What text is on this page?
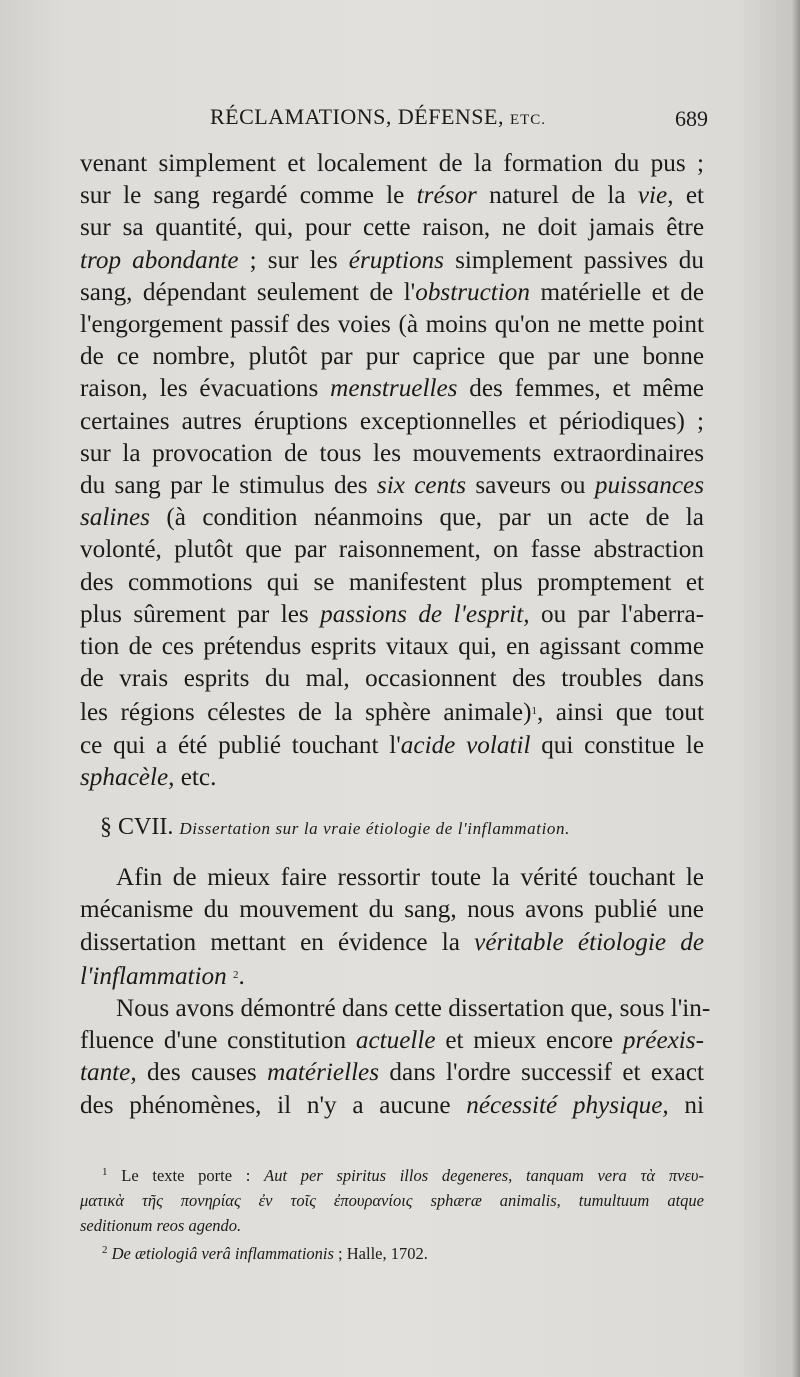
RÉCLAMATIONS, DÉFENSE, ETC.	689
venant simplement et localement de la formation du pus ;
sur le sang regardé comme le trésor naturel de la vie, et
sur sa quantité, qui, pour cette raison, ne doit jamais être
trop abondante ; sur les éruptions simplement passives du
sang, dépendant seulement de l'obstruction matérielle et de
l'engorgement passif des voies (à moins qu'on ne mette point
de ce nombre, plutôt par pur caprice que par une bonne
raison, les évacuations menstruelles des femmes, et même
certaines autres éruptions exceptionnelles et périodiques) ;
sur la provocation de tous les mouvements extraordinaires
du sang par le stimulus des six cents saveurs ou puissances
salines (à condition néanmoins que, par un acte de la
volonté, plutôt que par raisonnement, on fasse abstraction
des commotions qui se manifestent plus promptement et
plus sûrement par les passions de l'esprit, ou par l'aberra-
tion de ces prétendus esprits vitaux qui, en agissant comme
de vrais esprits du mal, occasionnent des troubles dans
les régions célestes de la sphère animale)$^1$, ainsi que tout
ce qui a été publié touchant l'acide volatil qui constitue le
sphacèle, etc.
§ CVII. Dissertation sur la vraie étiologie de l'inflammation.
Afin de mieux faire ressortir toute la vérité touchant le
mécanisme du mouvement du sang, nous avons publié une
dissertation mettant en évidence la véritable étiologie de
l'inflammation $^2$.
Nous avons démontré dans cette dissertation que, sous l'in-
fluence d'une constitution actuelle et mieux encore préexis-
tante, des causes matérielles dans l'ordre successif et exact
des phénomènes, il n'y a aucune nécessité physique, ni
$^1$ Le texte porte : Aut per spiritus illos degeneres, tanquam vera τὰ πνευ-
ματικὰ τῆς πονηρίας ἐν τοῖς ἐπουρανίοις sphæræ animalis, tumultuum atque
seditionum reos agendo.
$^2$ De ætiologiâ verâ inflammationis ; Halle, 1702.
